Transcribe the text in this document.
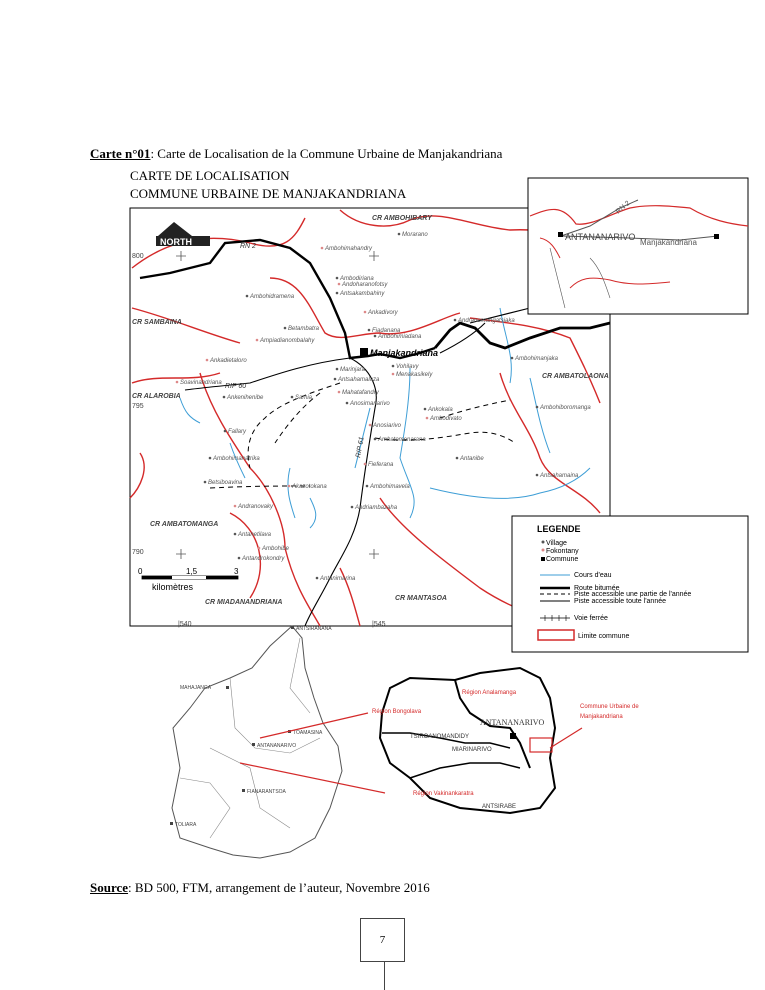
Carte n°01: Carte de Localisation de la Commune Urbaine de Manjakandriana
CARTE DE LOCALISATION
COMMUNE URBAINE DE MANJAKANDRIANA
NORTH
800
795
790
|540	|545
RN 2
RIP 60
RIP 61
CR AMBOHIBARY
CR SAMBAINA
CR ALAROBIA
CR AMBATOLAONA
CR AMBATOMANGA
CR MIADANANDRIANA
CR MANTASOA
Manjakandriana
Ambohimahandry
Morarano
Ambodiriana
Andoharanofotsy
Antsakambahiny
Ambohidramena
Ankadivory
Betambatra	Fiadanana
Ampiadianombalahy
Ambohimiadana
Andranomangatsiaka
Ankadietaloro	Ambohimanjaka
Marinjara
Soavinandriana	Antsahamalaza
Vohilavy
Menakasikely
Ankenihenibe	Samia
Mahatafandry
Anosimanarivo
Ankokala
Ambodivato
Ambohiboromanga
Fallary
Anosiarivo
Ambatomenarana
Ambohimanatrika
Fieferana
Antanibe
Betsiboavina
Akazotokana	Ambohimavela
Antsahamaina
Andranovaky	Andriambazaha
Antanetilava
Ambohibe
Antandrokondry
Antanimarina
0	1,5	3
kilomètres
LEGENDE
Village
Fokontany
Commune
Cours d'eau
Route bitumée
Piste accessible une partie de l'année
Piste accessible toute l'année
Voie ferrée
Limite commune
RN 2
ANTANANARIVO
Manjakandriana
ANTSIRANANA
MAHAJANGA
TOAMASINA
ANTANANARIVO
FIANARANTSOA
TOLIARA
ANTANANARIVO
TSIROANOMANDIDY
MIARINARIVO
ANTSIRABE
Région Analamanga
Région Bongolava
Région Vakinankaratra
Commune Urbaine de
Manjakandriana
Source: BD 500, FTM, arrangement de l’auteur, Novembre 2016
7
